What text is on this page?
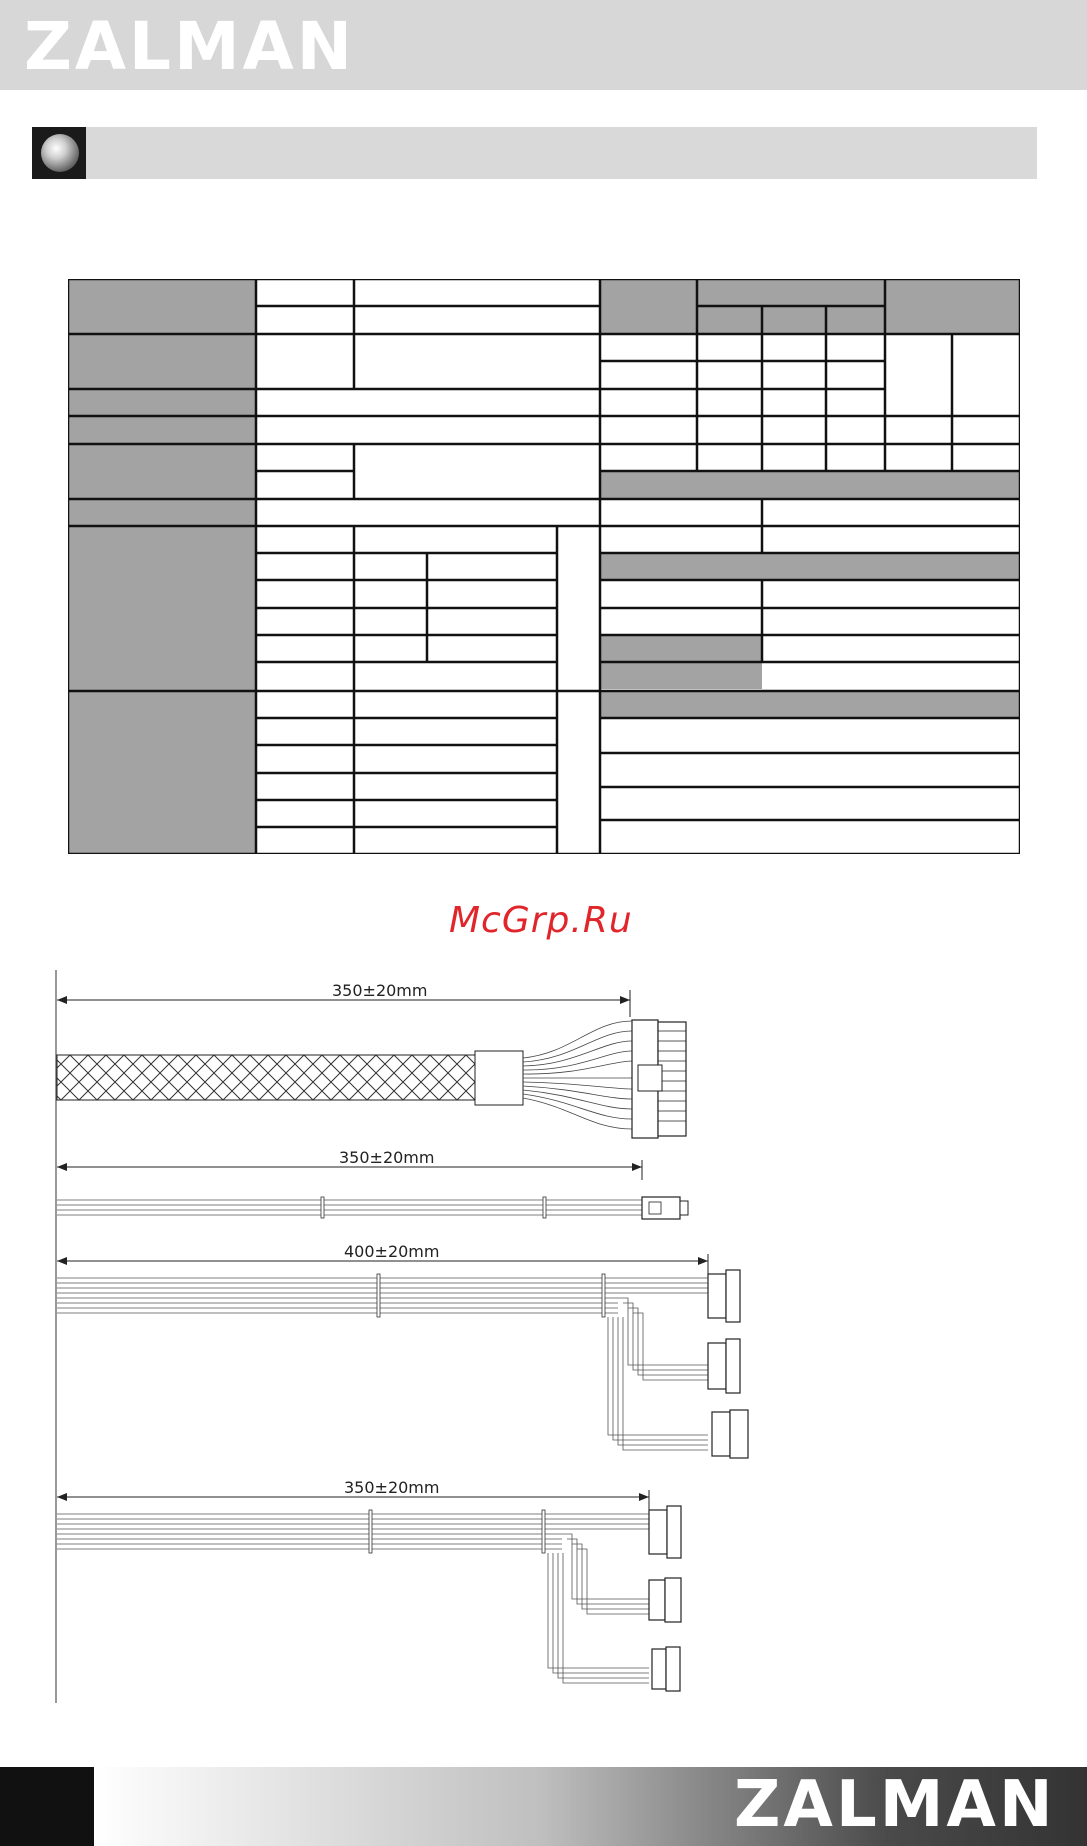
ZALMAN
McGrp.Ru
350±20mm
350±20mm
400±20mm
350±20mm
ZALMAN
